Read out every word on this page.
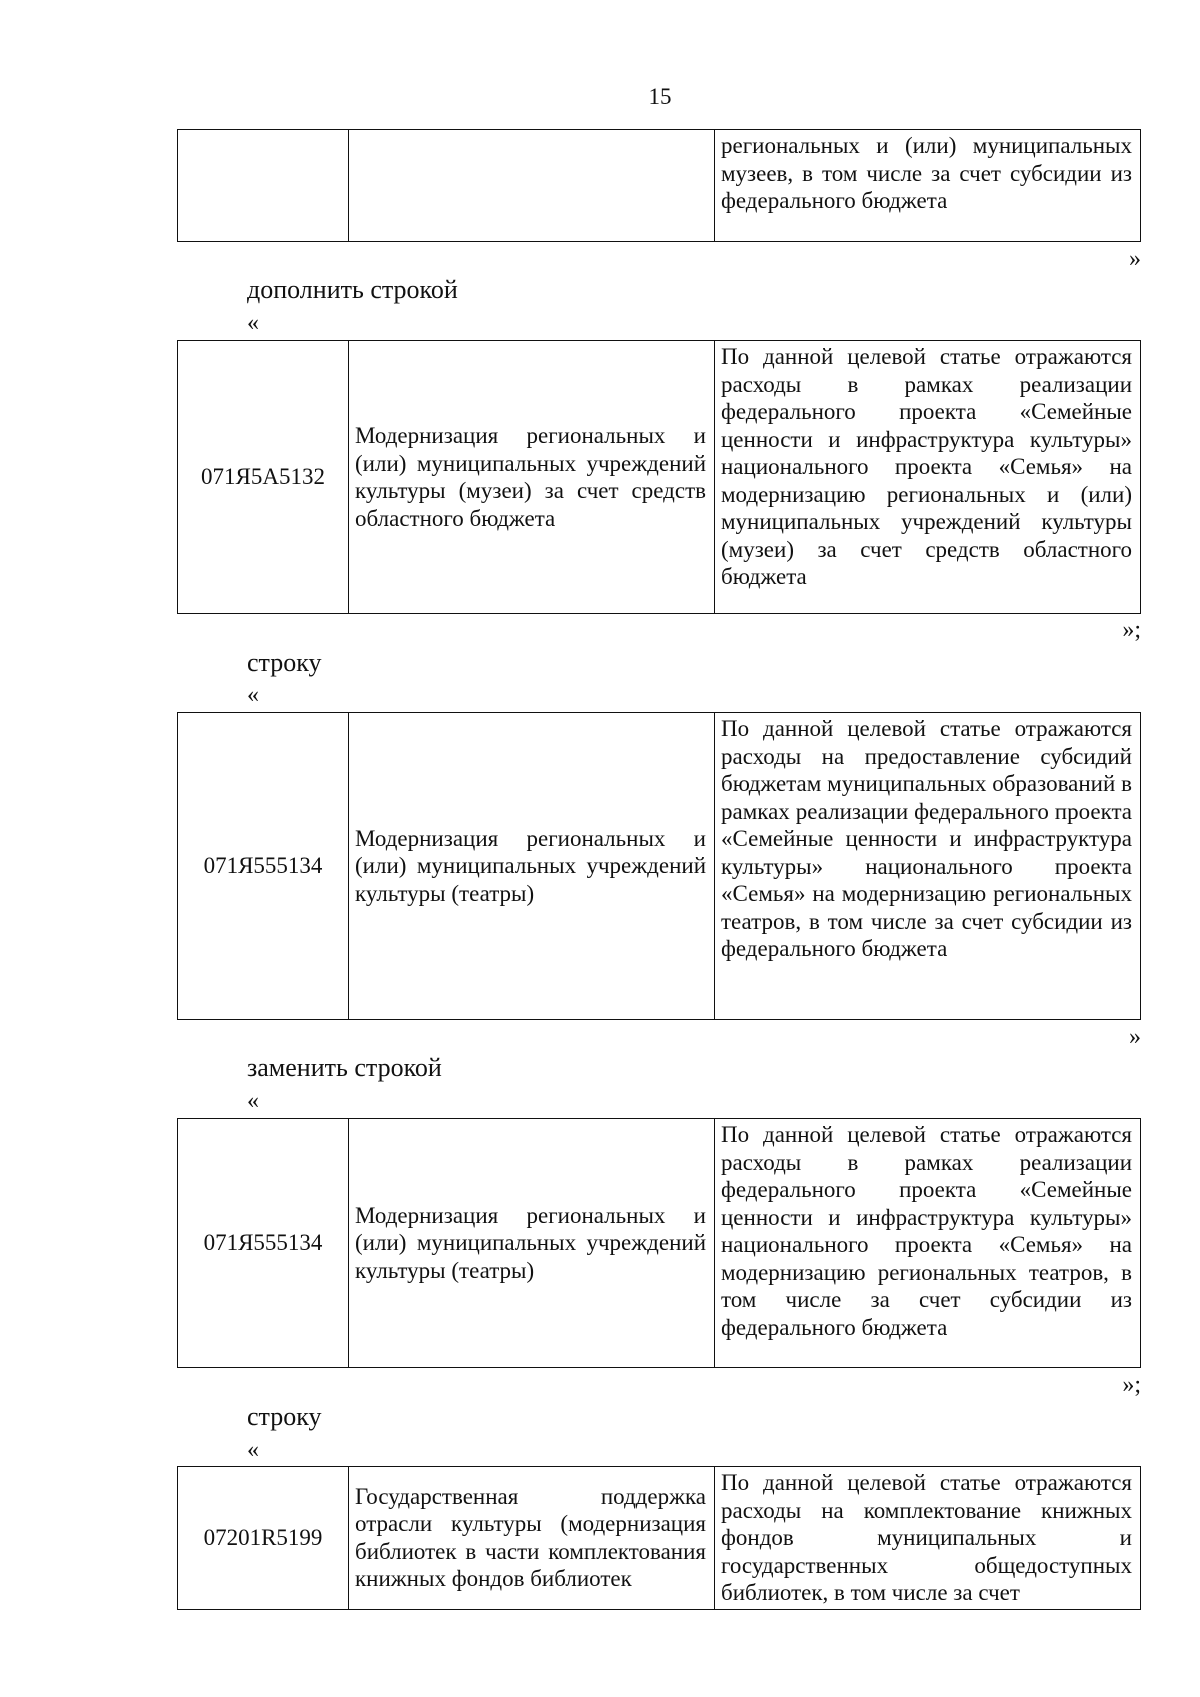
15
		региональных и (или) муниципальных музеев, в том числе за счет субсидии из федерального бюджета
»
дополнить строкой
«
071Я5А5132	Модернизация региональных и (или) муниципальных учреждений культуры (музеи) за счет средств областного бюджета	По данной целевой статье отражаются расходы в рамках реализации федерального проекта «Семейные ценности и инфраструктура культуры» национального проекта «Семья» на модернизацию региональных и (или) муниципальных учреждений культуры (музеи) за счет средств областного бюджета
»;
строку
«
071Я555134	Модернизация региональных и (или) муниципальных учреждений культуры (театры)	По данной целевой статье отражаются расходы на предоставление субсидий бюджетам муниципальных образований в рамках реализации федерального проекта «Семейные ценности и инфраструктура культуры» национального проекта «Семья» на модернизацию региональных театров, в том числе за счет субсидии из федерального бюджета
»
заменить строкой
«
071Я555134	Модернизация региональных и (или) муниципальных учреждений культуры (театры)	По данной целевой статье отражаются расходы в рамках реализации федерального проекта «Семейные ценности и инфраструктура культуры» национального проекта «Семья» на модернизацию региональных театров, в том числе за счет субсидии из федерального бюджета
»;
строку
«
07201R5199	Государственная поддержка отрасли культуры (модернизация библиотек в части комплектования книжных фондов библиотек	По данной целевой статье отражаются расходы на комплектование книжных фондов муниципальных и государственных общедоступных библиотек, в том числе за счет
